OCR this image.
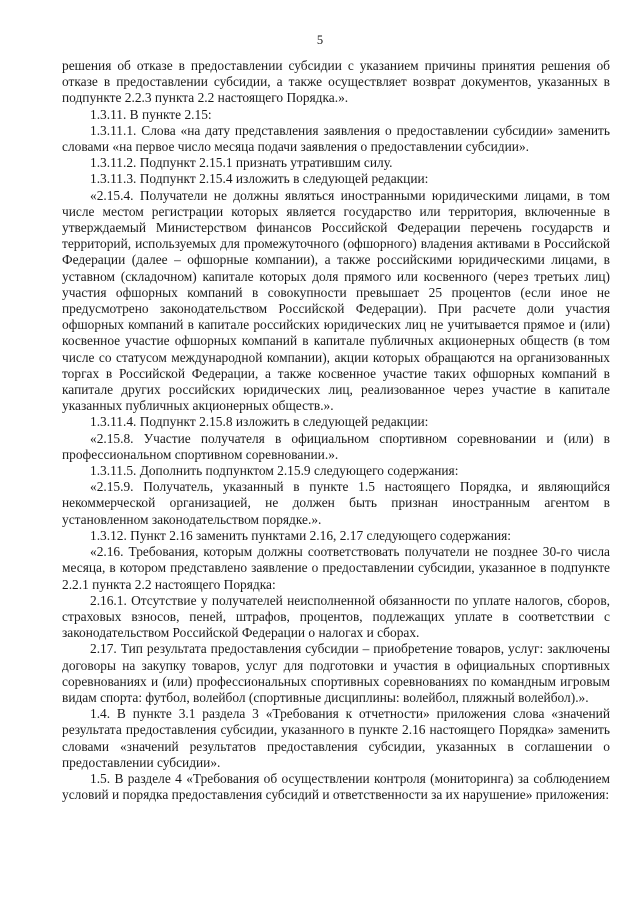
5

решения об отказе в предоставлении субсидии с указанием причины принятия решения об отказе в предоставлении субсидии, а также осуществляет возврат документов, указанных в подпункте 2.2.3 пункта 2.2 настоящего Порядка.».

1.3.11. В пункте 2.15:

1.3.11.1. Слова «на дату представления заявления о предоставлении субсидии» заменить словами «на первое число месяца подачи заявления о предоставлении субсидии».

1.3.11.2. Подпункт 2.15.1 признать утратившим силу.

1.3.11.3. Подпункт 2.15.4 изложить в следующей редакции:

«2.15.4. Получатели не должны являться иностранными юридическими лицами, в том числе местом регистрации которых является государство или территория, включенные в утверждаемый Министерством финансов Российской Федерации перечень государств и территорий, используемых для промежуточного (офшорного) владения активами в Российской Федерации (далее – офшорные компании), а также российскими юридическими лицами, в уставном (складочном) капитале которых доля прямого или косвенного (через третьих лиц) участия офшорных компаний в совокупности превышает 25 процентов (если иное не предусмотрено законодательством Российской Федерации). При расчете доли участия офшорных компаний в капитале российских юридических лиц не учитывается прямое и (или) косвенное участие офшорных компаний в капитале публичных акционерных обществ (в том числе со статусом международной компании), акции которых обращаются на организованных торгах в Российской Федерации, а также косвенное участие таких офшорных компаний в капитале других российских юридических лиц, реализованное через участие в капитале указанных публичных акционерных обществ.».

1.3.11.4. Подпункт 2.15.8 изложить в следующей редакции:

«2.15.8. Участие получателя в официальном спортивном соревновании и (или) в профессиональном спортивном соревновании.».

1.3.11.5. Дополнить подпунктом 2.15.9 следующего содержания:

«2.15.9. Получатель, указанный в пункте 1.5 настоящего Порядка, и являющийся некоммерческой организацией, не должен быть признан иностранным агентом в установленном законодательством порядке.».

1.3.12. Пункт 2.16 заменить пунктами 2.16, 2.17 следующего содержания:

«2.16. Требования, которым должны соответствовать получатели не позднее 30-го числа месяца, в котором представлено заявление о предоставлении субсидии, указанное в подпункте 2.2.1 пункта 2.2 настоящего Порядка:

2.16.1. Отсутствие у получателей неисполненной обязанности по уплате налогов, сборов, страховых взносов, пеней, штрафов, процентов, подлежащих уплате в соответствии с законодательством Российской Федерации о налогах и сборах.

2.17. Тип результата предоставления субсидии – приобретение товаров, услуг: заключены договоры на закупку товаров, услуг для подготовки и участия в официальных спортивных соревнованиях и (или) профессиональных спортивных соревнованиях по командным игровым видам спорта: футбол, волейбол (спортивные дисциплины: волейбол, пляжный волейбол).».

1.4. В пункте 3.1 раздела 3 «Требования к отчетности» приложения слова «значений результата предоставления субсидии, указанного в пункте 2.16 настоящего Порядка» заменить словами «значений результатов предоставления субсидии, указанных в соглашении о предоставлении субсидии».

1.5. В разделе 4 «Требования об осуществлении контроля (мониторинга) за соблюдением условий и порядка предоставления субсидий и ответственности за их нарушение» приложения:
